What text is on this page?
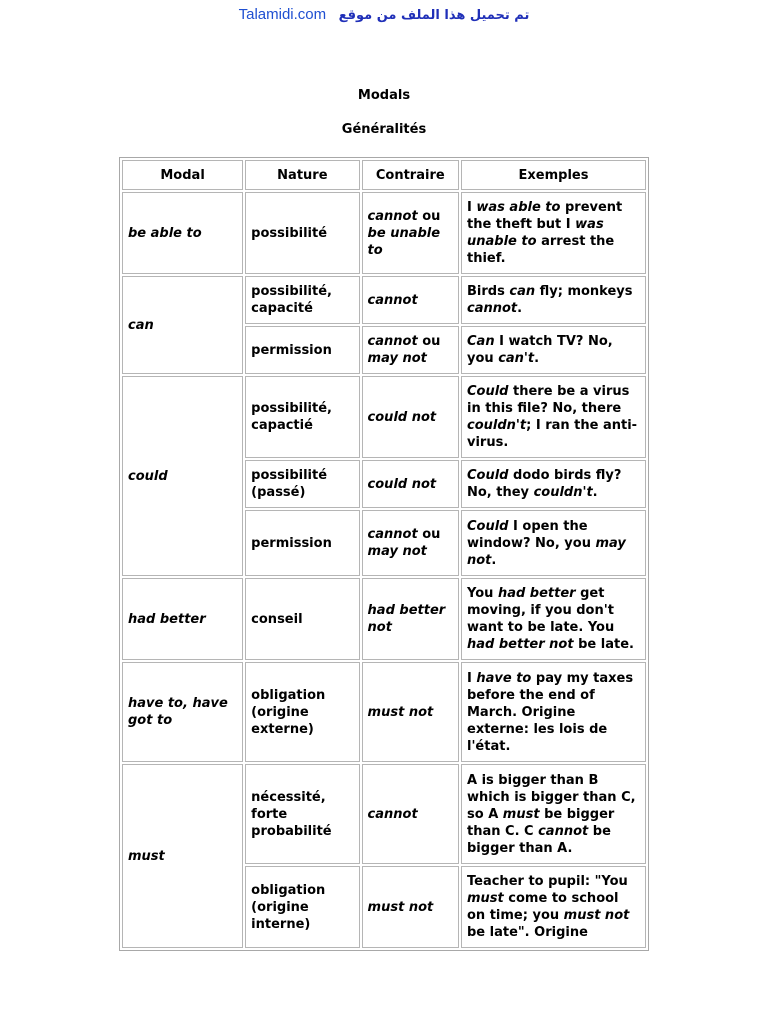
Talamidi.com تم تحميل هذا الملف من موقع
Modals
Généralités
Modal	Nature	Contraire	Exemples
be able to	possibilité	cannot ou be unable to	I was able to prevent the theft but I was unable to arrest the thief.
can	possibilité, capacité	cannot	Birds can fly; monkeys cannot.
	permission	cannot ou may not	Can I watch TV? No, you can't.
could	possibilité, capactié	could not	Could there be a virus in this file? No, there couldn't; I ran the anti-virus.
	possibilité (passé)	could not	Could dodo birds fly? No, they couldn't.
	permission	cannot ou may not	Could I open the window? No, you may not.
had better	conseil	had better not	You had better get moving, if you don't want to be late. You had better not be late.
have to, have got to	obligation (origine externe)	must not	I have to pay my taxes before the end of March. Origine externe: les lois de l'état.
must	nécessité, forte probabilité	cannot	A is bigger than B which is bigger than C, so A must be bigger than C. C cannot be bigger than A.
	obligation (origine interne)	must not	Teacher to pupil: "You must come to school on time; you must not be late". Origine
